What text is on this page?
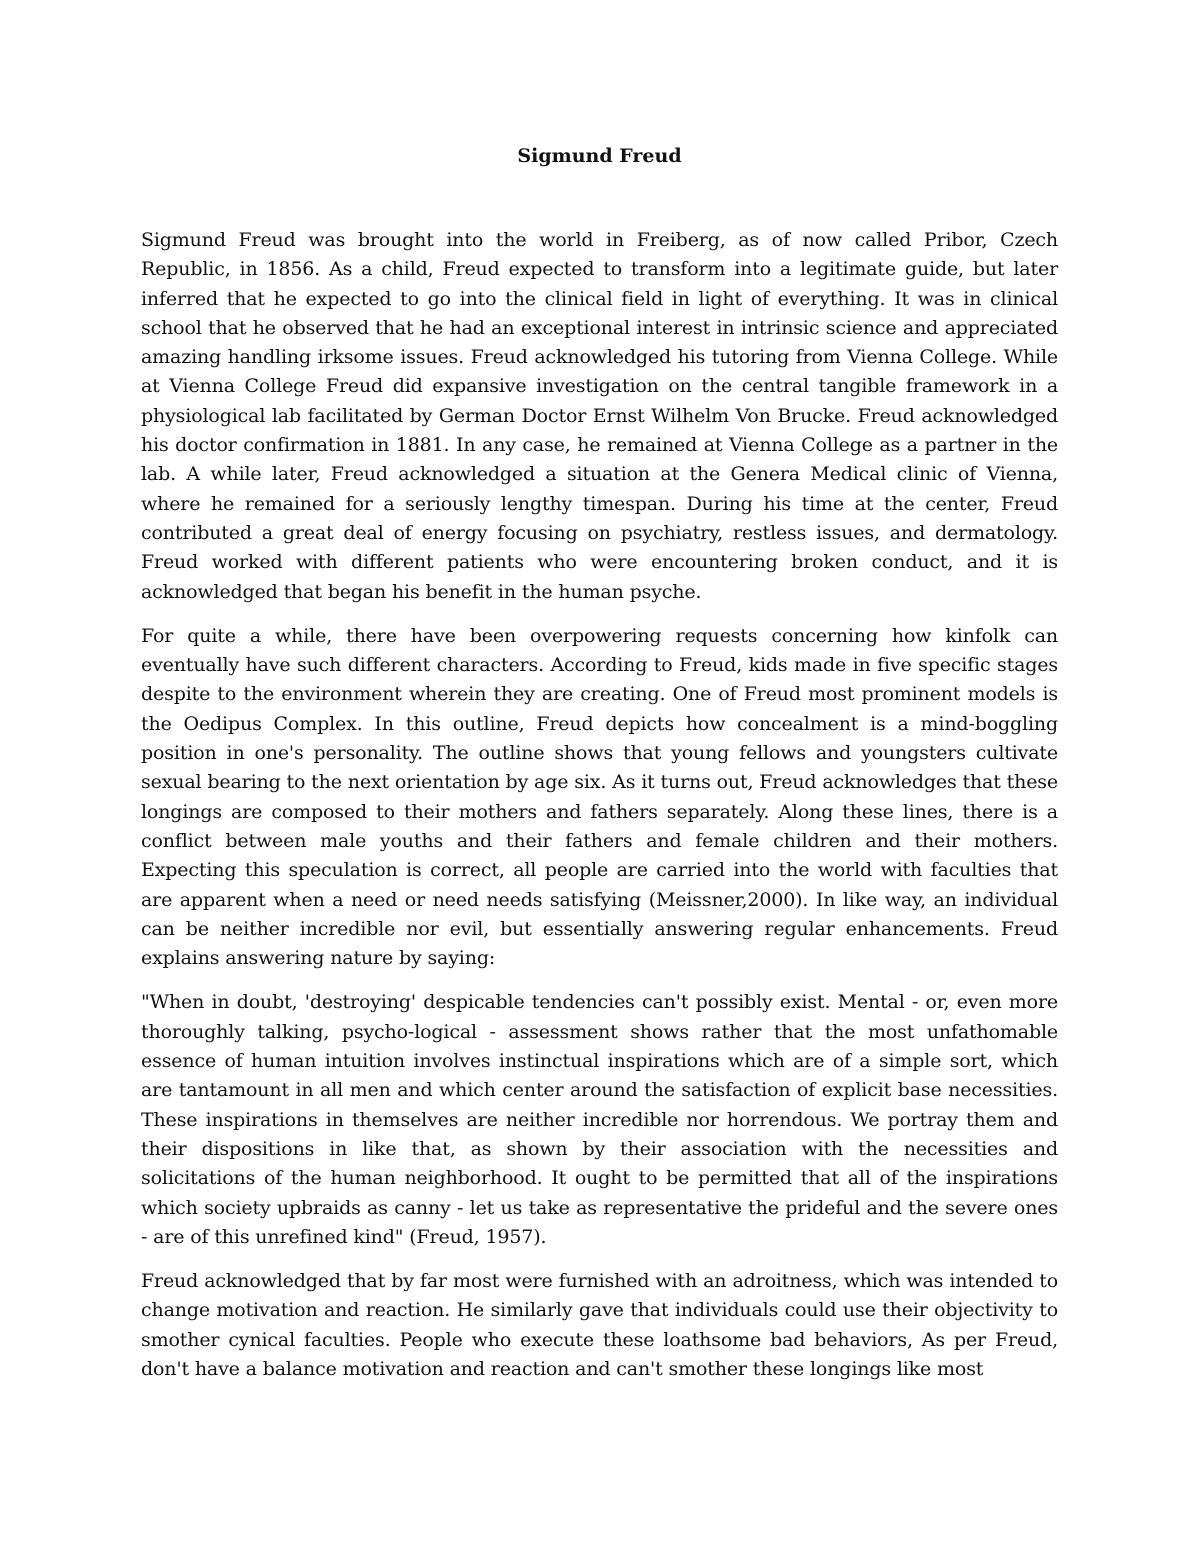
Sigmund Freud

Sigmund Freud was brought into the world in Freiberg, as of now called Pribor, Czech Republic, in 1856. As a child, Freud expected to transform into a legitimate guide, but later inferred that he expected to go into the clinical field in light of everything. It was in clinical school that he observed that he had an exceptional interest in intrinsic science and appreciated amazing handling irksome issues. Freud acknowledged his tutoring from Vienna College. While at Vienna College Freud did expansive investigation on the central tangible framework in a physiological lab facilitated by German Doctor Ernst Wilhelm Von Brucke. Freud acknowledged his doctor confirmation in 1881. In any case, he remained at Vienna College as a partner in the lab. A while later, Freud acknowledged a situation at the Genera Medical clinic of Vienna, where he remained for a seriously lengthy timespan. During his time at the center, Freud contributed a great deal of energy focusing on psychiatry, restless issues, and dermatology. Freud worked with different patients who were encountering broken conduct, and it is acknowledged that began his benefit in the human psyche.

For quite a while, there have been overpowering requests concerning how kinfolk can eventually have such different characters. According to Freud, kids made in five specific stages despite to the environment wherein they are creating. One of Freud most prominent models is the Oedipus Complex. In this outline, Freud depicts how concealment is a mind-boggling position in one's personality. The outline shows that young fellows and youngsters cultivate sexual bearing to the next orientation by age six. As it turns out, Freud acknowledges that these longings are composed to their mothers and fathers separately. Along these lines, there is a conflict between male youths and their fathers and female children and their mothers. Expecting this speculation is correct, all people are carried into the world with faculties that are apparent when a need or need needs satisfying (Meissner,2000). In like way, an individual can be neither incredible nor evil, but essentially answering regular enhancements. Freud explains answering nature by saying:

"When in doubt, 'destroying' despicable tendencies can't possibly exist. Mental - or, even more thoroughly talking, psycho-logical - assessment shows rather that the most unfathomable essence of human intuition involves instinctual inspirations which are of a simple sort, which are tantamount in all men and which center around the satisfaction of explicit base necessities. These inspirations in themselves are neither incredible nor horrendous. We portray them and their dispositions in like that, as shown by their association with the necessities and solicitations of the human neighborhood. It ought to be permitted that all of the inspirations which society upbraids as canny - let us take as representative the prideful and the severe ones - are of this unrefined kind" (Freud, 1957).

Freud acknowledged that by far most were furnished with an adroitness, which was intended to change motivation and reaction. He similarly gave that individuals could use their objectivity to smother cynical faculties. People who execute these loathsome bad behaviors, As per Freud, don't have a balance motivation and reaction and can't smother these longings like most
